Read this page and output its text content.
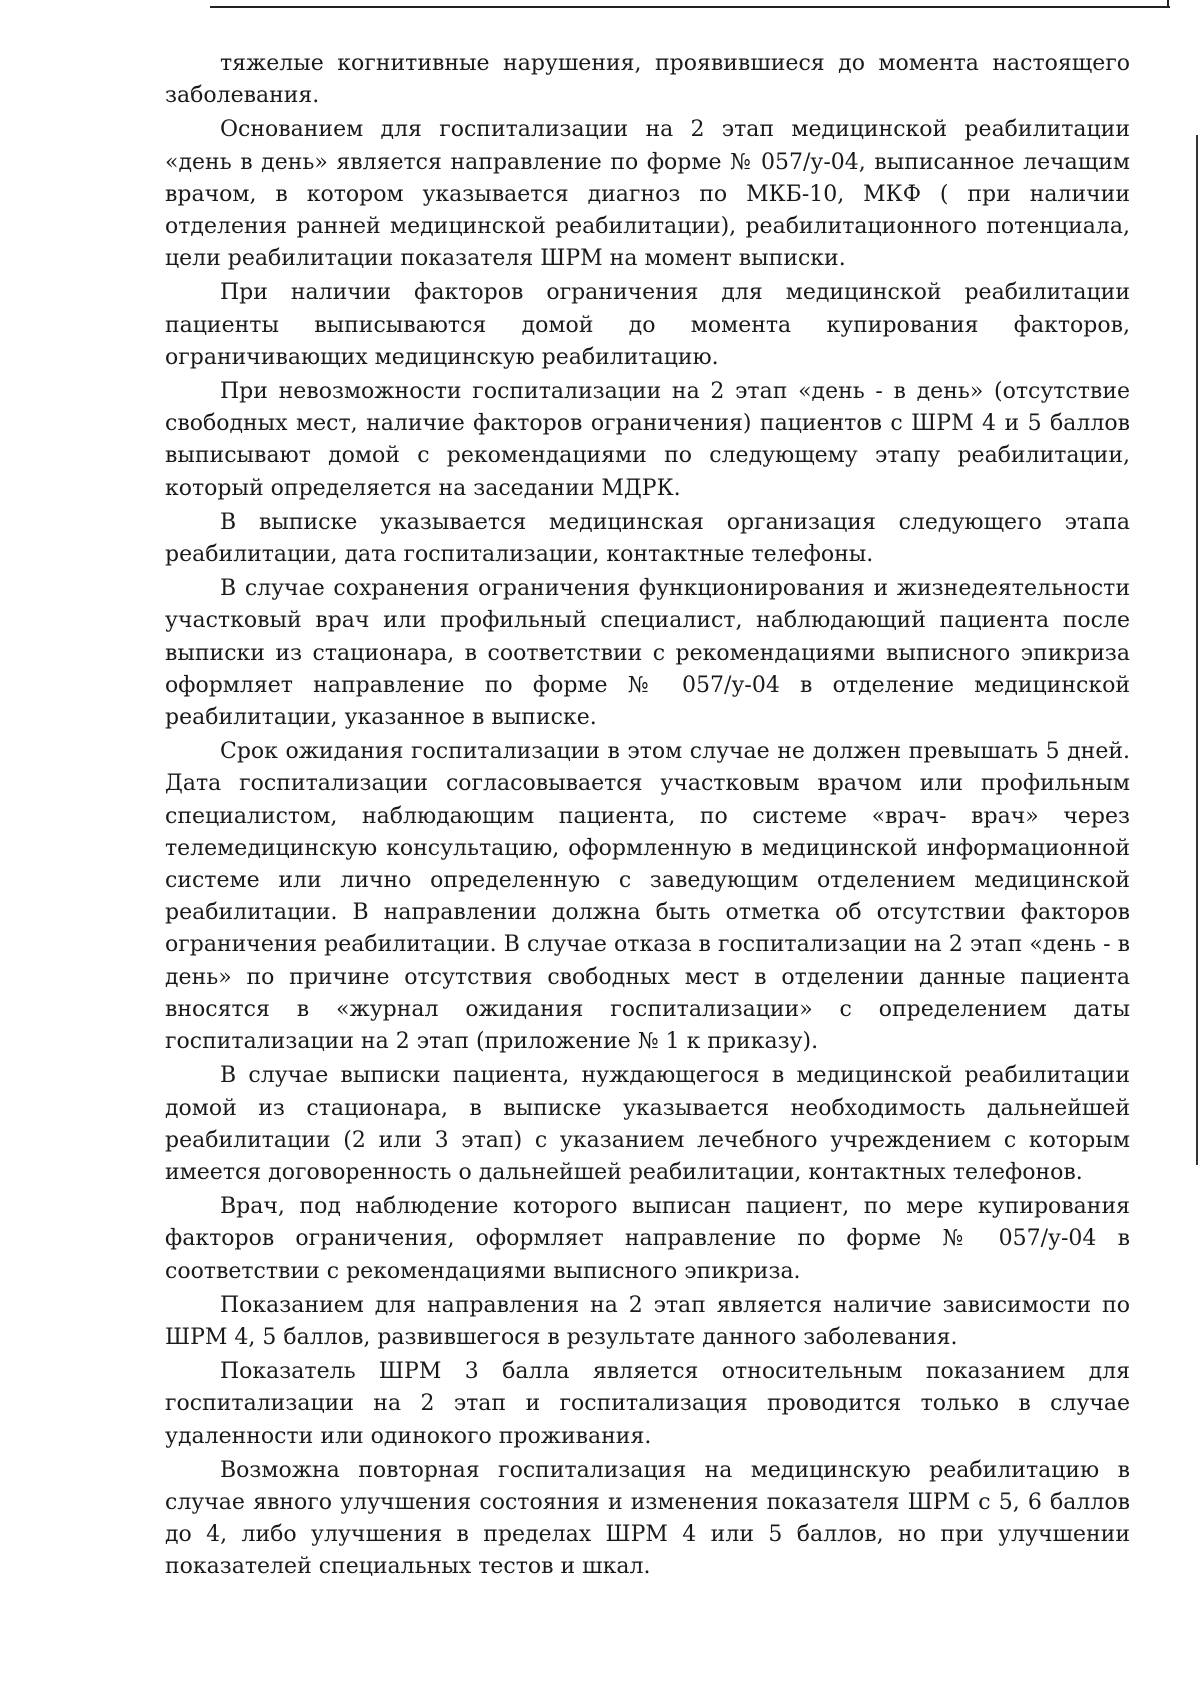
тяжелые когнитивные нарушения, проявившиеся до момента настоящего заболевания.

Основанием для госпитализации на 2 этап медицинской реабилитации «день в день» является направление по форме № 057/у-04, выписанное лечащим врачом, в котором указывается диагноз по МКБ-10, МКФ ( при наличии отделения ранней медицинской реабилитации), реабилитационного потенциала, цели реабилитации показателя ШРМ на момент выписки.

При наличии факторов ограничения для медицинской реабилитации пациенты выписываются домой до момента купирования факторов, ограничивающих медицинскую реабилитацию.

При невозможности госпитализации на 2 этап «день - в день» (отсутствие свободных мест, наличие факторов ограничения) пациентов с ШРМ 4 и 5 баллов выписывают домой с рекомендациями по следующему этапу реабилитации, который определяется на заседании МДРК.

В выписке указывается медицинская организация следующего этапа реабилитации, дата госпитализации, контактные телефоны.

В случае сохранения ограничения функционирования и жизнедеятельности участковый врач или профильный специалист, наблюдающий пациента после выписки из стационара, в соответствии с рекомендациями выписного эпикриза оформляет направление по форме № 057/у-04 в отделение медицинской реабилитации, указанное в выписке.

Срок ожидания госпитализации в этом случае не должен превышать 5 дней. Дата госпитализации согласовывается участковым врачом или профильным специалистом, наблюдающим пациента, по системе «врач- врач» через телемедицинскую консультацию, оформленную в медицинской информационной системе или лично определенную с заведующим отделением медицинской реабилитации. В направлении должна быть отметка об отсутствии факторов ограничения реабилитации. В случае отказа в госпитализации на 2 этап «день - в день» по причине отсутствия свободных мест в отделении данные пациента вносятся в «журнал ожидания госпитализации» с определением даты госпитализации на 2 этап (приложение № 1 к приказу).

В случае выписки пациента, нуждающегося в медицинской реабилитации домой из стационара, в выписке указывается необходимость дальнейшей реабилитации (2 или 3 этап) с указанием лечебного учреждением с которым имеется договоренность о дальнейшей реабилитации, контактных телефонов.

Врач, под наблюдение которого выписан пациент, по мере купирования факторов ограничения, оформляет направление по форме № 057/у-04 в соответствии с рекомендациями выписного эпикриза.

Показанием для направления на 2 этап является наличие зависимости по ШРМ 4, 5 баллов, развившегося в результате данного заболевания.

Показатель ШРМ 3 балла является относительным показанием для госпитализации на 2 этап и госпитализация проводится только в случае удаленности или одинокого проживания.

Возможна повторная госпитализация на медицинскую реабилитацию в случае явного улучшения состояния и изменения показателя ШРМ с 5, 6 баллов до 4, либо улучшения в пределах ШРМ 4 или 5 баллов, но при улучшении показателей специальных тестов и шкал.
